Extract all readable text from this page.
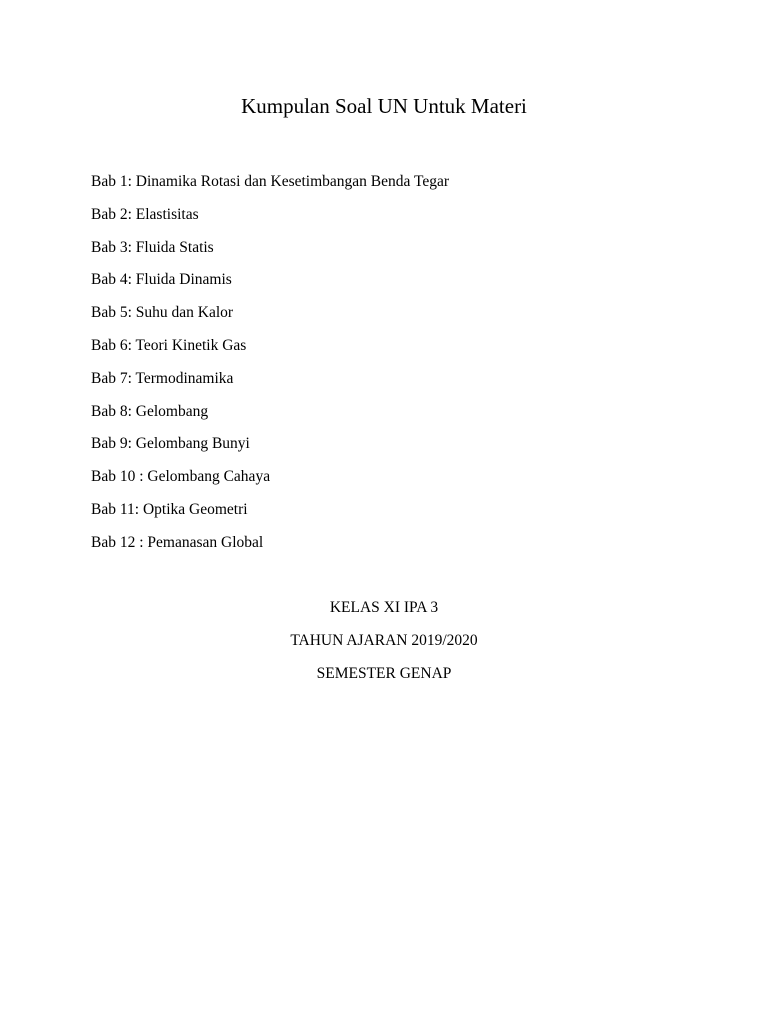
Kumpulan Soal UN Untuk Materi
Bab 1: Dinamika Rotasi dan Kesetimbangan Benda Tegar
Bab 2: Elastisitas
Bab 3: Fluida Statis
Bab 4: Fluida Dinamis
Bab 5: Suhu dan Kalor
Bab 6: Teori Kinetik Gas
Bab 7: Termodinamika
Bab 8: Gelombang
Bab 9: Gelombang Bunyi
Bab 10 : Gelombang Cahaya
Bab 11: Optika Geometri
Bab 12 : Pemanasan Global
KELAS XI IPA 3
TAHUN AJARAN 2019/2020
SEMESTER GENAP
